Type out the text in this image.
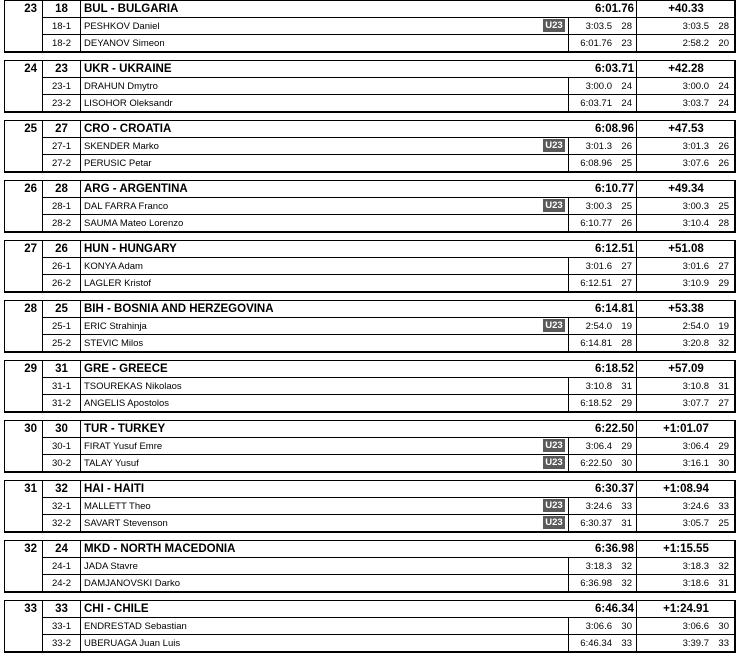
23	18	BUL - BULGARIA	6:01.76	+40.33
18-1	PESHKOV Daniel	U23	3:03.5 28	3:03.5 28
18-2	DEYANOV Simeon	6:01.76 23	2:58.2 20
24	23	UKR - UKRAINE	6:03.71	+42.28
23-1	DRAHUN Dmytro	3:00.0 24	3:00.0 24
23-2	LISOHOR Oleksandr	6:03.71 24	3:03.7 24
25	27	CRO - CROATIA	6:08.96	+47.53
27-1	SKENDER Marko	U23	3:01.3 26	3:01.3 26
27-2	PERUSIC Petar	6:08.96 25	3:07.6 26
26	28	ARG - ARGENTINA	6:10.77	+49.34
28-1	DAL FARRA Franco	U23	3:00.3 25	3:00.3 25
28-2	SAUMA Mateo Lorenzo	6:10.77 26	3:10.4 28
27	26	HUN - HUNGARY	6:12.51	+51.08
26-1	KONYA Adam	3:01.6 27	3:01.6 27
26-2	LAGLER Kristof	6:12.51 27	3:10.9 29
28	25	BIH - BOSNIA AND HERZEGOVINA	6:14.81	+53.38
25-1	ERIC Strahinja	U23	2:54.0 19	2:54.0 19
25-2	STEVIC Milos	6:14.81 28	3:20.8 32
29	31	GRE - GREECE	6:18.52	+57.09
31-1	TSOUREKAS Nikolaos	3:10.8 31	3:10.8 31
31-2	ANGELIS Apostolos	6:18.52 29	3:07.7 27
30	30	TUR - TURKEY	6:22.50	+1:01.07
30-1	FIRAT Yusuf Emre	U23	3:06.4 29	3:06.4 29
30-2	TALAY Yusuf	U23	6:22.50 30	3:16.1 30
31	32	HAI - HAITI	6:30.37	+1:08.94
32-1	MALLETT Theo	U23	3:24.6 33	3:24.6 33
32-2	SAVART Stevenson	U23	6:30.37 31	3:05.7 25
32	24	MKD - NORTH MACEDONIA	6:36.98	+1:15.55
24-1	JADA Stavre	3:18.3 32	3:18.3 32
24-2	DAMJANOVSKI Darko	6:36.98 32	3:18.6 31
33	33	CHI - CHILE	6:46.34	+1:24.91
33-1	ENDRESTAD Sebastian	3:06.6 30	3:06.6 30
33-2	UBERUAGA Juan Luis	6:46.34 33	3:39.7 33
